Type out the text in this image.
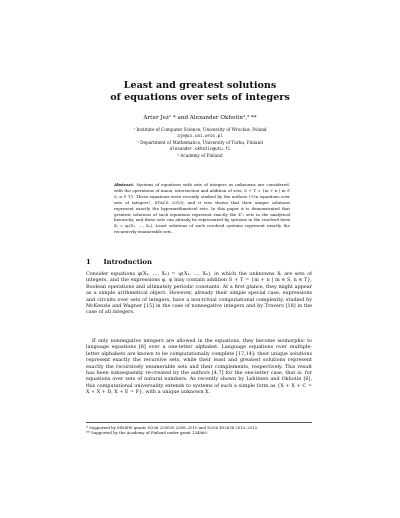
Least and greatest solutions
of equations over sets of integers
Artur Jeż¹ * and Alexander Okhotin²,³ **
¹ Institute of Computer Science, University of Wrocław, Poland
aje@cs.uni.wroc.pl
² Department of Mathematics, University of Turku, Finland
alexander.okhotin@utu.fi
³ Academy of Finland
Abstract. Systems of equations with sets of integers as unknowns are considered, with the operations of union, intersection and addition of sets, S + T = {m + n | m ∈ S, n ∈ T}. These equations were recently studied by the authors ("On equations over sets of integers", STACS 2010), and it was shown that their unique solutions represent exactly the hyperarithmetical sets. In this paper it is demonstrated that greatest solutions of such equations represent exactly the Σ¹₁ sets in the analytical hierarchy, and these sets can already be represented by systems in the resolved form Xᵢ = φᵢ(X₁, …, Xₙ). Least solutions of such resolved systems represent exactly the recursively enumerable sets.
1 Introduction
Consider equations φ(X₁, …, Xₙ) = ψ(X₁, …, Xₙ), in which the unknowns Xᵢ are sets of integers, and the expressions φ, ψ may contain addition S + T = {m + n | m ∈ S, n ∈ T}, Boolean operations and ultimately periodic constants. At a first glance, they might appear as a simple arithmetical object. However, already their simple special case, expressions and circuits over sets of integers, have a non-trivial computational complexity, studied by McKenzie and Wagner [15] in the case of nonnegative integers and by Travers [18] in the case of all integers.
If only nonnegative integers are allowed in the equations, they become isomorphic to language equations [8] over a one-letter alphabet. Language equations over multiple-letter alphabets are known to be computationally complete [17,14]: their unique solutions represent exactly the recursive sets, while their least and greatest solutions represent exactly the recursively enumerable sets and their complements, respectively. This result has been subsequently re-created by the authors [4,7] for the one-letter case, that is, for equations over sets of natural numbers. As recently shown by Lehtinen and Okhotin [6], this computational universality extends to systems of such a simple form as {X + X + C = X + X + D, X + E = F}, with a unique unknown X.
* Supported by MNiSW grants N206 259035 2008–2010 and N206 492638 2010–2012.
** Supported by the Academy of Finland under grant 134860.
